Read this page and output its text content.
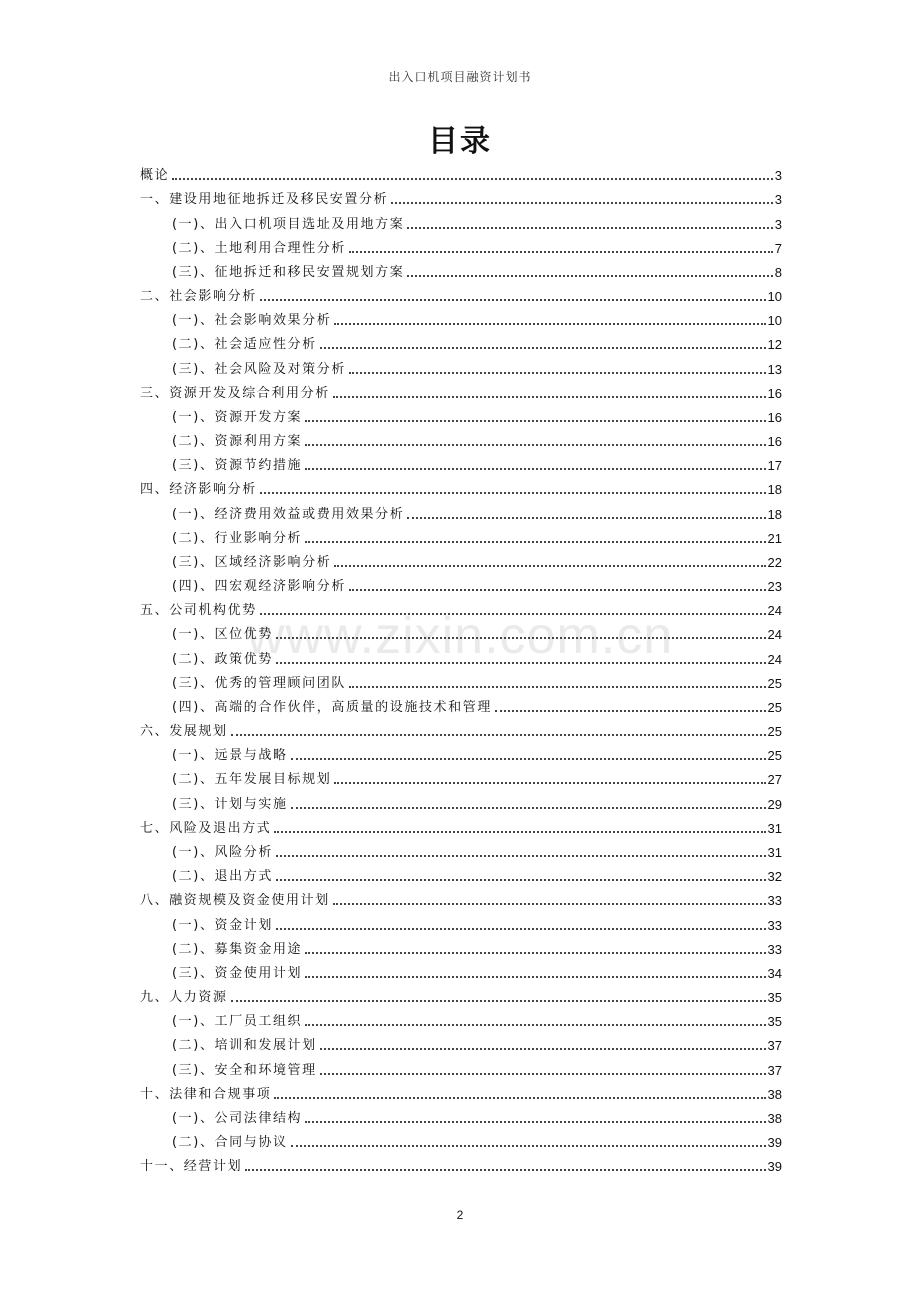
出入口机项目融资计划书
目录
www.zixin.com.cn
概论	3
一、建设用地征地拆迁及移民安置分析	3
(一)、出入口机项目选址及用地方案	3
(二)、土地利用合理性分析	7
(三)、征地拆迁和移民安置规划方案	8
二、社会影响分析	10
(一)、社会影响效果分析	10
(二)、社会适应性分析	12
(三)、社会风险及对策分析	13
三、资源开发及综合利用分析	16
(一)、资源开发方案	16
(二)、资源利用方案	16
(三)、资源节约措施	17
四、经济影响分析	18
(一)、经济费用效益或费用效果分析	18
(二)、行业影响分析	21
(三)、区域经济影响分析	22
(四)、四宏观经济影响分析	23
五、公司机构优势	24
(一)、区位优势	24
(二)、政策优势	24
(三)、优秀的管理顾问团队	25
(四)、高端的合作伙伴，高质量的设施技术和管理	25
六、发展规划	25
(一)、远景与战略	25
(二)、五年发展目标规划	27
(三)、计划与实施	29
七、风险及退出方式	31
(一)、风险分析	31
(二)、退出方式	32
八、融资规模及资金使用计划	33
(一)、资金计划	33
(二)、募集资金用途	33
(三)、资金使用计划	34
九、人力资源	35
(一)、工厂员工组织	35
(二)、培训和发展计划	37
(三)、安全和环境管理	37
十、法律和合规事项	38
(一)、公司法律结构	38
(二)、合同与协议	39
十一、经营计划	39
2
